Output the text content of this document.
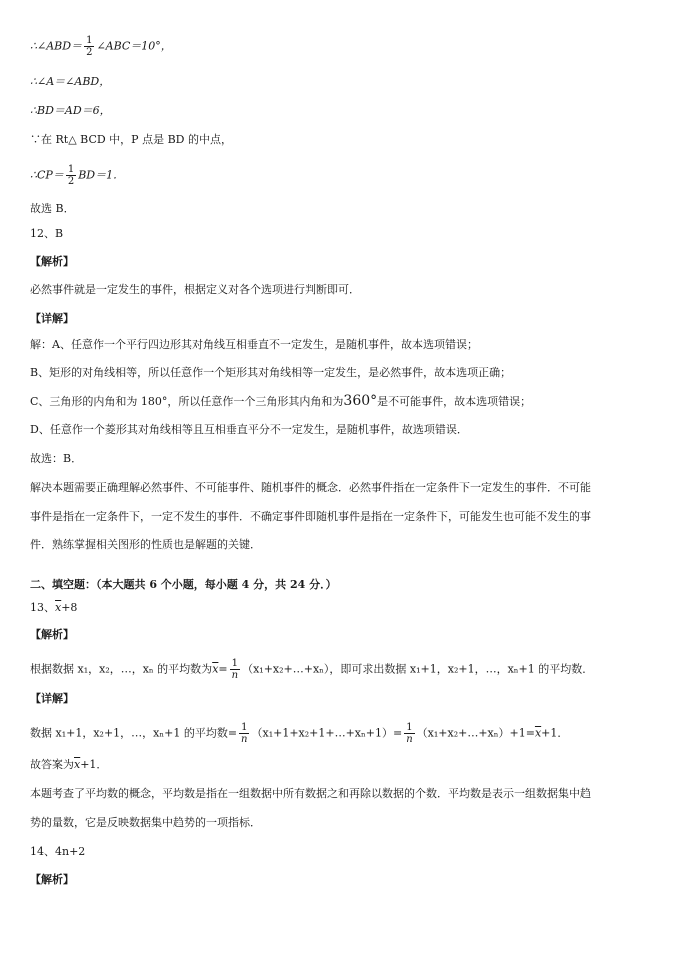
∴∠ABD＝ $\frac{1}{2}$ ∠ABC＝10°，
∴∠A＝∠ABD，
∴BD＝AD＝6，
∵在 Rt△ BCD 中，P 点是 BD 的中点，
∴CP＝ $\frac{1}{2} BD=1$．
故选 B．
12、B
【解析】
必然事件就是一定发生的事件，根据定义对各个选项进行判断即可．
【详解】
解：A、任意作一个平行四边形其对角线互相垂直不一定发生，是随机事件，故本选项错误；
B、矩形的对角线相等，所以任意作一个矩形其对角线相等一定发生，是必然事件，故本选项正确；
C、三角形的内角和为 180°，所以任意作一个三角形其内角和为360°是不可能事件，故本选项错误；
D、任意作一个菱形其对角线相等且互相垂直平分不一定发生，是随机事件，故选项错误．
故选：B．
解决本题需要正确理解必然事件、不可能事件、随机事件的概念．必然事件指在一定条件下一定发生的事件．不可能
事件是指在一定条件下，一定不发生的事件．不确定事件即随机事件是指在一定条件下，可能发生也可能不发生的事
件．熟练掌握相关图形的性质也是解题的关键．
二、填空题：（本大题共 6 个小题，每小题 4 分，共 24 分．）
13、$\overline{x}+8$
【解析】
根据数据 x₁，x₂，…，xₙ 的平均数为$\overline{x}= \frac{1}{n}$ （x₁+x₂+…+xₙ），即可求出数据 x₁+1，x₂+1，…，xₙ+1 的平均数．
【详解】
数据 x₁+1，x₂+1，…，xₙ+1 的平均数= $\frac{1}{n}$ （x₁+1+x₂+1+…+xₙ+1）= $\frac{1}{n}$ $(x_1+x_2+\dots+x_n)+1=\overline{x}+1$．
故答案为$\overline{x}+1$．
本题考查了平均数的概念，平均数是指在一组数据中所有数据之和再除以数据的个数．平均数是表示一组数据集中趋
势的量数，它是反映数据集中趋势的一项指标．
14、4n+2
【解析】
